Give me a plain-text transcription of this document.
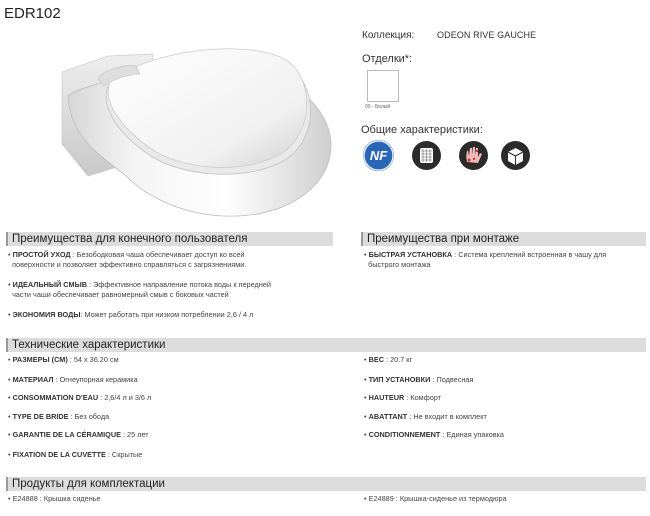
EDR102
Коллекция:	ODEON RIVE GAUCHE
Отделки*:
00 - Белый
Общие характеристики:
NF
Преимущества для конечного пользователя	Преимущества при монтаже
• ПРОСТОЙ УХОД : Безободковая чаша обеспечивает доступ ко всей
поверхности и позволяет эффективно справляться с загрязнениями.
• ИДЕАЛЬНЫЙ СМЫВ : Эффективное направление потока воды к передней
части чаши обеспечивает равномерный смыв с боковых частей
• ЭКОНОМИЯ ВОДЫ: Может работать при низком потреблении 2,6 / 4 л
• БЫСТРАЯ УСТАНОВКА : Система креплений встроенная в чашу для
быстрого монтажа
Технические характеристики
• РАЗМЕРЫ (СМ) : 54 x 36.20 см
• МАТЕРИАЛ : Огнеупорная керамика
• CONSOMMATION D'EAU : 2,6/4 л и 3/6 л
• TYPE DE BRIDE : Без обода
• GARANTIE DE LA CÉRAMIQUE : 25 лет
• FIXATION DE LA CUVETTE : Скрытые
• ВЕС : 20.7 кг
• ТИП УСТАНОВКИ : Подвесная
• HAUTEUR : Комфорт
• ABATTANT : Не входит в комплект
• CONDITIONNEMENT : Единая упаковка
Продукты для комплектации
• E24888 : Крышка сиденье	• E24889 : Крышка-сиденье из термодюра
